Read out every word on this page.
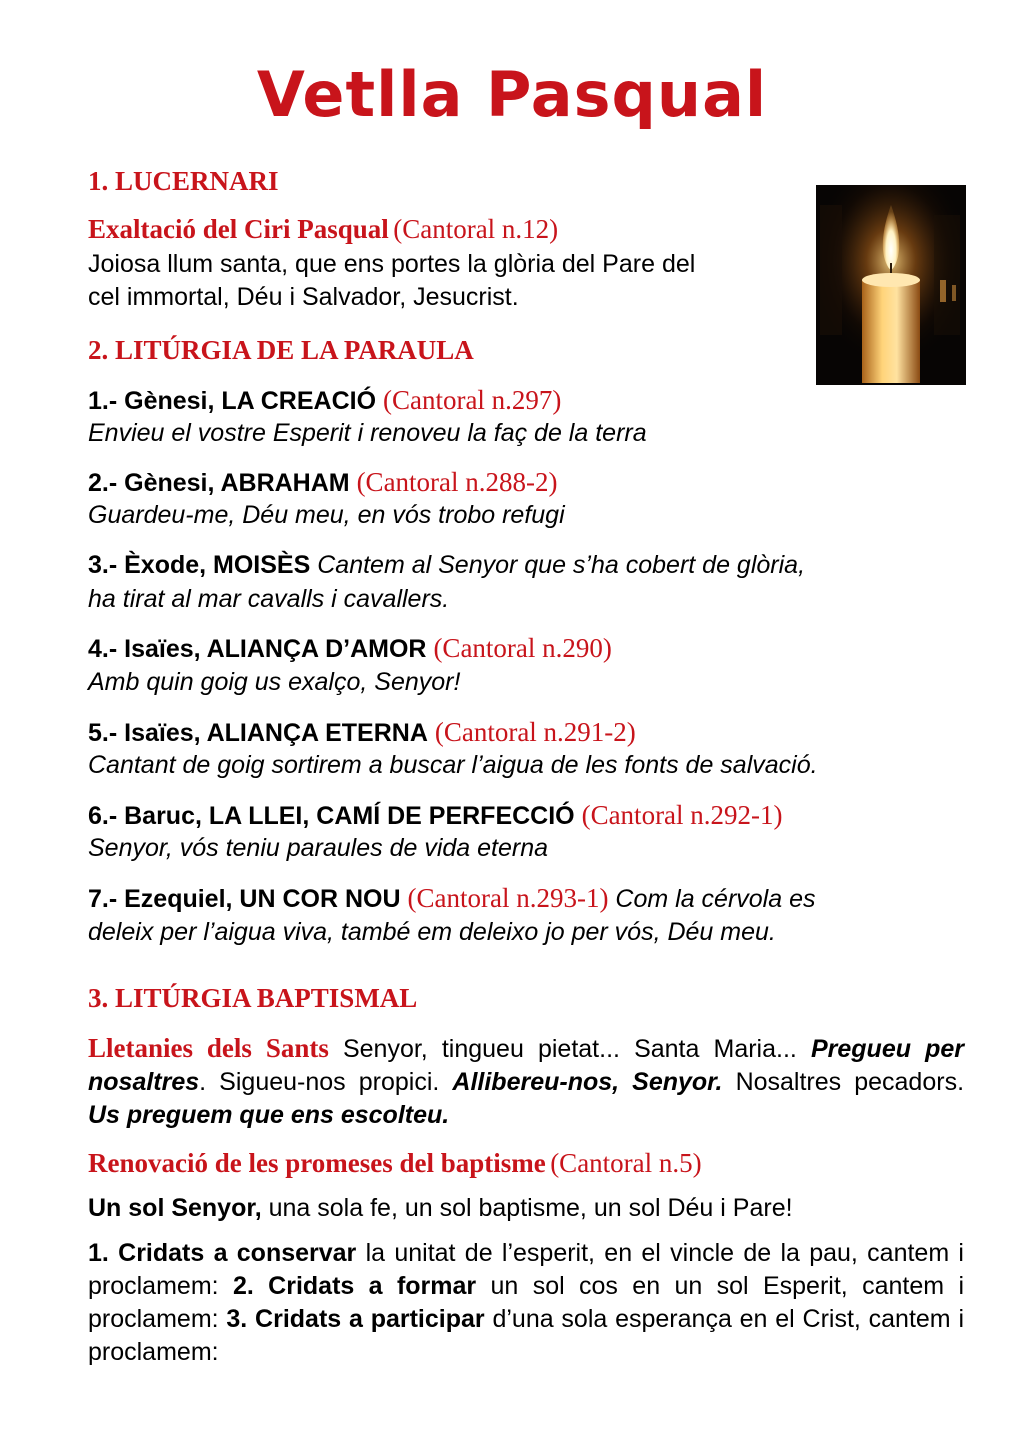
Vetlla Pasqual
1. LUCERNARI
Exaltació del Ciri Pasqual (Cantoral n.12)
Joiosa llum santa, que ens portes la glòria del Pare del
cel immortal, Déu i Salvador, Jesucrist.
2. LITÚRGIA DE LA PARAULA
1.- Gènesi, LA CREACIÓ (Cantoral n.297)
Envieu el vostre Esperit i renoveu la faç de la terra
2.- Gènesi, ABRAHAM (Cantoral n.288-2)
Guardeu-me, Déu meu, en vós trobo refugi
3.- Èxode, MOISÈS Cantem al Senyor que s’ha cobert de glòria,
ha tirat al mar cavalls i cavallers.
4.- Isaïes, ALIANÇA D’AMOR (Cantoral n.290)
Amb quin goig us exalço, Senyor!
5.- Isaïes, ALIANÇA ETERNA (Cantoral n.291-2)
Cantant de goig sortirem a buscar l’aigua de les fonts de salvació.
6.- Baruc, LA LLEI, CAMÍ DE PERFECCIÓ (Cantoral n.292-1)
Senyor, vós teniu paraules de vida eterna
7.- Ezequiel, UN COR NOU (Cantoral n.293-1) Com la cérvola es
deleix per l’aigua viva, també em deleixo jo per vós, Déu meu.
3. LITÚRGIA BAPTISMAL
Lletanies dels Sants Senyor, tingueu pietat... Santa Maria... Pregueu per nosaltres. Sigueu-nos propici. Allibereu-nos, Senyor. Nosaltres pecadors. Us preguem que ens escolteu.
Renovació de les promeses del baptisme (Cantoral n.5)
Un sol Senyor, una sola fe, un sol baptisme, un sol Déu i Pare!
1. Cridats a conservar la unitat de l’esperit, en el vincle de la pau, cantem i proclamem: 2. Cridats a formar un sol cos en un sol Esperit, cantem i proclamem: 3. Cridats a participar d’una sola esperança en el Crist, cantem i proclamem:
